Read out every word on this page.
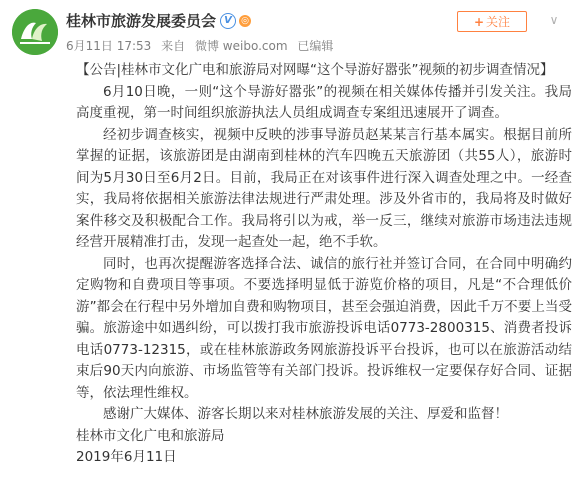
桂林市旅游发展委员会 V	◎
6月11日 17:53 来自 微博 weibo.com 已编辑
+ 关注	∨

【公告|桂林市文化广电和旅游局对网曝“这个导游好嚣张”视频的初步调查情况】

6月10日晚，一则“这个导游好嚣张”的视频在相关媒体传播并引发关注。我局高度重视，第一时间组织旅游执法人员组成调查专案组迅速展开了调查。

经初步调查核实，视频中反映的涉事导游员赵某某言行基本属实。根据目前所掌握的证据，该旅游团是由湖南到桂林的汽车四晚五天旅游团（共55人），旅游时间为5月30日至6月2日。目前，我局正在对该事件进行深入调查处理之中。一经查实，我局将依据相关旅游法律法规进行严肃处理。涉及外省市的，我局将及时做好案件移交及积极配合工作。我局将引以为戒，举一反三，继续对旅游市场违法违规经营开展精准打击，发现一起查处一起，绝不手软。

同时，也再次提醒游客选择合法、诚信的旅行社并签订合同，在合同中明确约定购物和自费项目等事项。不要选择明显低于游览价格的项目，凡是“不合理低价游”都会在行程中另外增加自费和购物项目，甚至会强迫消费，因此千万不要上当受骗。旅游途中如遇纠纷，可以拨打我市旅游投诉电话0773-2800315、消费者投诉电话0773-12315，或在桂林旅游政务网旅游投诉平台投诉，也可以在旅游活动结束后90天内向旅游、市场监管等有关部门投诉。投诉维权一定要保存好合同、证据等，依法理性维权。

感谢广大媒体、游客长期以来对桂林旅游发展的关注、厚爱和监督！

桂林市文化广电和旅游局

2019年6月11日
